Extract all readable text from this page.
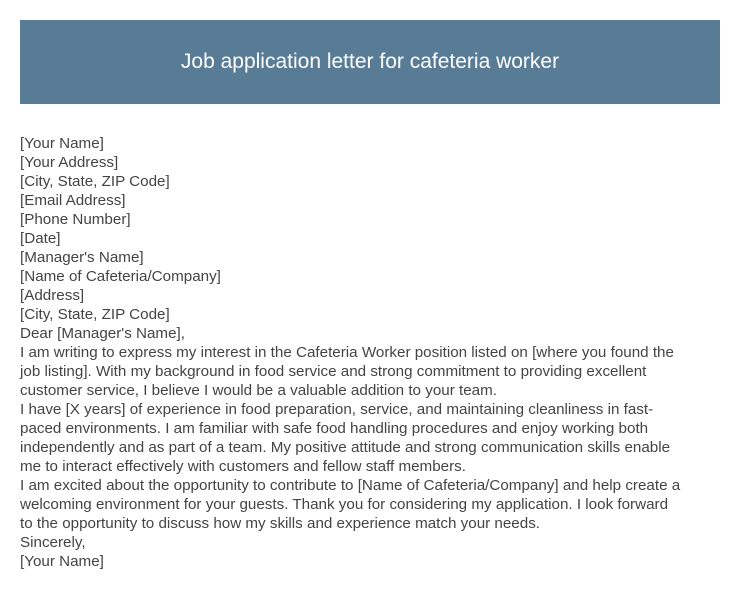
Job application letter for cafeteria worker
[Your Name]
[Your Address]
[City, State, ZIP Code]
[Email Address]
[Phone Number]
[Date]
[Manager's Name]
[Name of Cafeteria/Company]
[Address]
[City, State, ZIP Code]
Dear [Manager's Name],
I am writing to express my interest in the Cafeteria Worker position listed on [where you found the
job listing]. With my background in food service and strong commitment to providing excellent
customer service, I believe I would be a valuable addition to your team.
I have [X years] of experience in food preparation, service, and maintaining cleanliness in fast-
paced environments. I am familiar with safe food handling procedures and enjoy working both
independently and as part of a team. My positive attitude and strong communication skills enable
me to interact effectively with customers and fellow staff members.
I am excited about the opportunity to contribute to [Name of Cafeteria/Company] and help create a
welcoming environment for your guests. Thank you for considering my application. I look forward
to the opportunity to discuss how my skills and experience match your needs.
Sincerely,
[Your Name]
